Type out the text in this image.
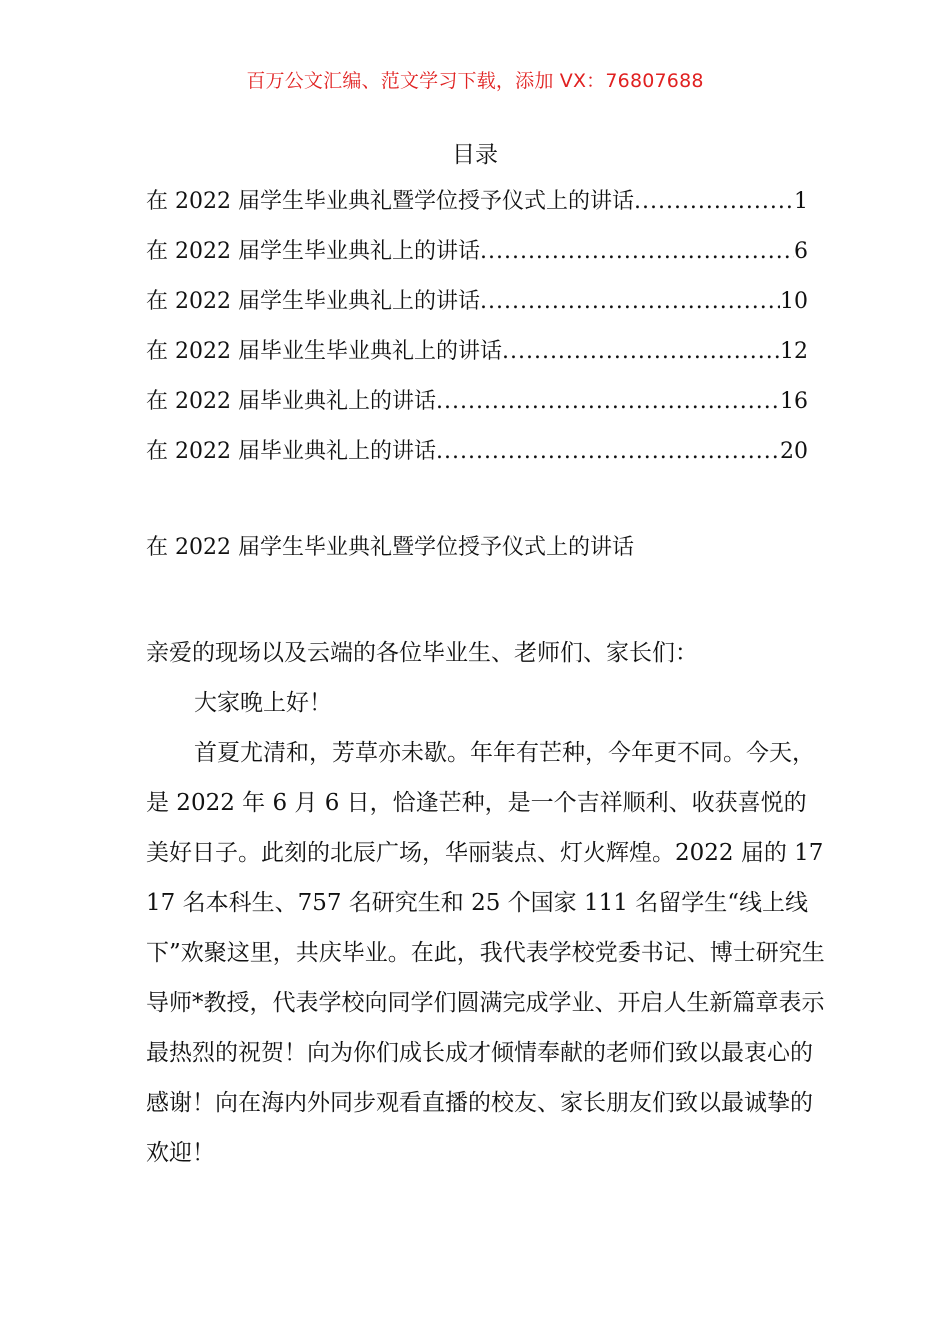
百万公文汇编、范文学习下载，添加 VX：76807688
目录
在 2022 届学生毕业典礼暨学位授予仪式上的讲话 .....	1
在 2022 届学生毕业典礼上的讲话 .....	6
在 2022 届学生毕业典礼上的讲话 .....	10
在 2022 届毕业生毕业典礼上的讲话 .....	12
在 2022 届毕业典礼上的讲话 .....	16
在 2022 届毕业典礼上的讲话 .....	20
在 2022 届学生毕业典礼暨学位授予仪式上的讲话

亲爱的现场以及云端的各位毕业生、老师们、家长们：

大家晚上好！

首夏尤清和，芳草亦未歇。年年有芒种，今年更不同。今天，是 2022 年 6 月 6 日，恰逢芒种，是一个吉祥顺利、收获喜悦的美好日子。此刻的北辰广场，华丽装点、灯火辉煌。2022 届的 1717 名本科生、757 名研究生和 25 个国家 111 名留学生“线上线下”欢聚这里，共庆毕业。在此，我代表学校党委书记、博士研究生导师*教授，代表学校向同学们圆满完成学业、开启人生新篇章表示最热烈的祝贺！向为你们成长成才倾情奉献的老师们致以最衷心的感谢！向在海内外同步观看直播的校友、家长朋友们致以最诚挚的欢迎！
